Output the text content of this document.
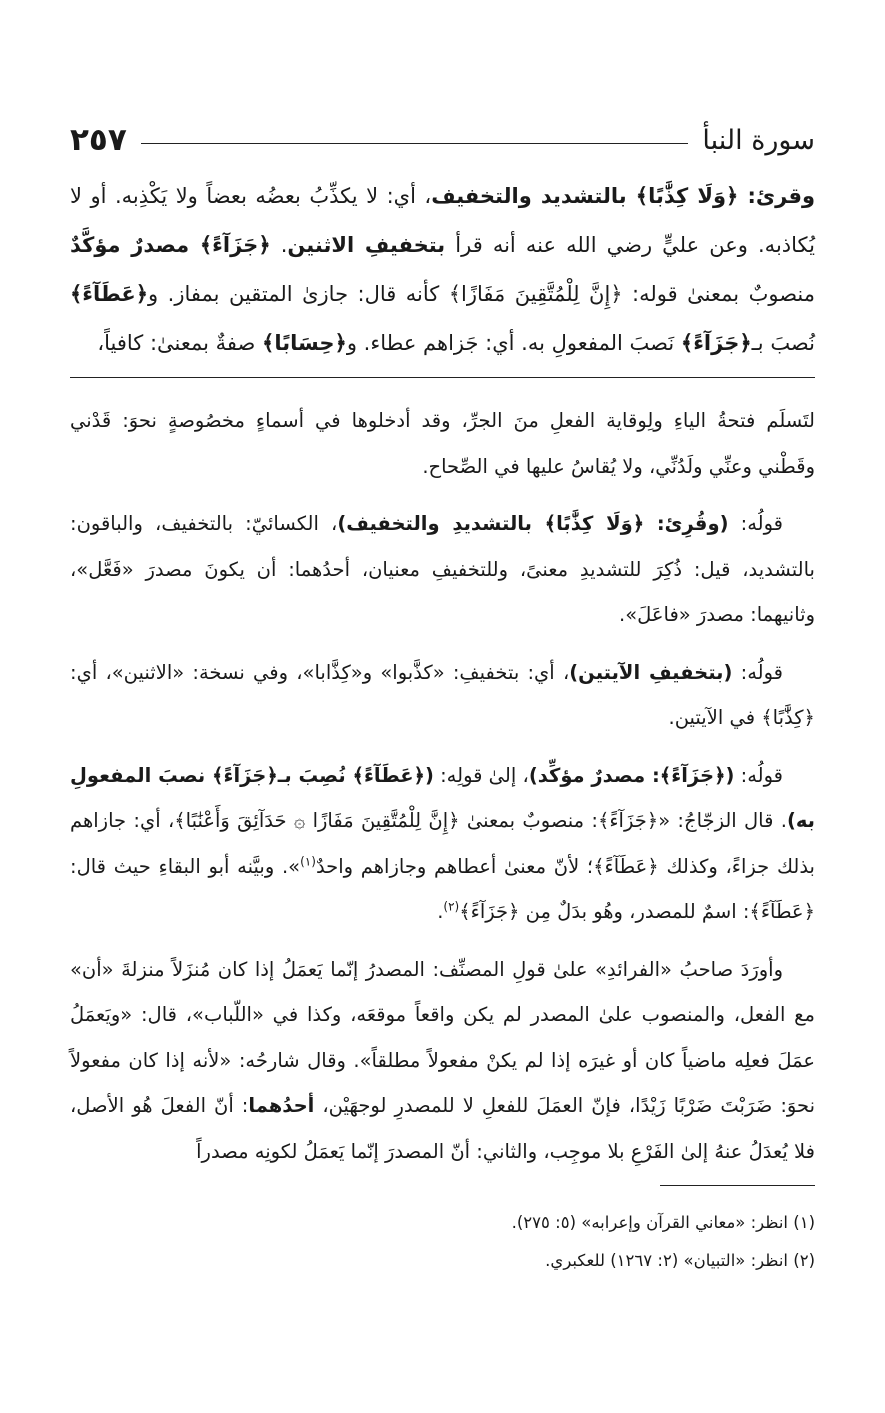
سورة النبأ
٢٥٧

وقرئ: ﴿وَلَا كِذَّٰبًا﴾ بالتشديد والتخفيف، أي: لا يكذِّبُ بعضُه بعضاً ولا يَكْذِبه. أو لا يُكاذبه. وعن عليٍّ رضي الله عنه أنه قرأ بتخفيفِ الاثنين. ﴿جَزَآءً﴾ مصدرٌ مؤكَّدٌ منصوبٌ بمعنىٰ قوله: ﴿إِنَّ لِلْمُتَّقِينَ مَفَازًا﴾ كأنه قال: جازىٰ المتقين بمفاز. و﴿عَطَآءً﴾ نُصبَ بـ﴿جَزَآءً﴾ نَصبَ المفعولِ به. أي: جَزاهم عطاء. و﴿حِسَابًا﴾ صفةٌ بمعنىٰ: كافياً،

لتَسلَم فتحةُ الياءِ ولِوقاية الفعلِ منَ الجرِّ، وقد أدخلوها في أسماءٍ مخصُوصةٍ نحوَ: قَدْني وقَطْني وعنِّي ولَدُنِّي، ولا يُقاسُ عليها في الصِّحاح.

قولُه: (وقُرِئ: ﴿وَلَا كِذَّٰبًا﴾ بالتشديدِ والتخفيف)، الكسائيّ: بالتخفيف، والباقون: بالتشديد، قيل: ذُكِرَ للتشديدِ معنىً، وللتخفيفِ معنيان، أحدُهما: أن يكونَ مصدرَ «فَعَّل»، وثانيهما: مصدرَ «فاعَلَ».

قولُه: (بتخفيفِ الآيتين)، أي: بتخفيفِ: «كذَّبوا» و«كِذَّابا»، وفي نسخة: «الاثنين»، أي: ﴿كِذَّٰبًا﴾ في الآيتين.

قولُه: (﴿جَزَآءً﴾: مصدرٌ مؤكِّد)، إلىٰ قولِه: (﴿عَطَآءً﴾ نُصِبَ بـ﴿جَزَآءً﴾ نصبَ المفعولِ به). قال الزجّاجُ: «﴿جَزَآءً﴾: منصوبٌ بمعنىٰ ﴿إِنَّ لِلْمُتَّقِينَ مَفَازًا ۞ حَدَآئِقَ وَأَعْنَٰبًا﴾، أي: جازاهم بذلك جزاءً، وكذلك ﴿عَطَآءً﴾؛ لأنّ معنىٰ أعطاهم وجازاهم واحدٌ$^{(١)}$». وبيَّنه أبو البقاءِ حيث قال: ﴿عَطَآءً﴾: اسمٌ للمصدر، وهُو بدَلٌ مِن ﴿جَزَآءً﴾$^{(٢)}$.

وأورَدَ صاحبُ «الفرائدِ» علىٰ قولِ المصنِّف: المصدرُ إنّما يَعمَلُ إذا كان مُنزَلاً منزلةَ «أن» مع الفعل، والمنصوب علىٰ المصدر لم يكن واقعاً موقعَه، وكذا في «اللّباب»، قال: «ويَعمَلُ عمَلَ فعلِه ماضياً كان أو غيرَه إذا لم يكنْ مفعولاً مطلقاً». وقال شارحُه: «لأنه إذا كان مفعولاً نحوَ: ضَرَبْتَ ضَرْبًا زَيْدًا، فإنّ العمَلَ للفعلِ لا للمصدرِ لوجهَيْن، أحدُهما: أنّ الفعلَ هُو الأصل، فلا يُعدَلُ عنهُ إلىٰ الفَرْعِ بلا موجِب، والثاني: أنّ المصدرَ إنّما يَعمَلُ لكونِه مصدراً

(١) انظر: «معاني القرآن وإعرابه» (٥: ٢٧٥).

(٢) انظر: «التبيان» (٢: ١٢٦٧) للعكبري.
